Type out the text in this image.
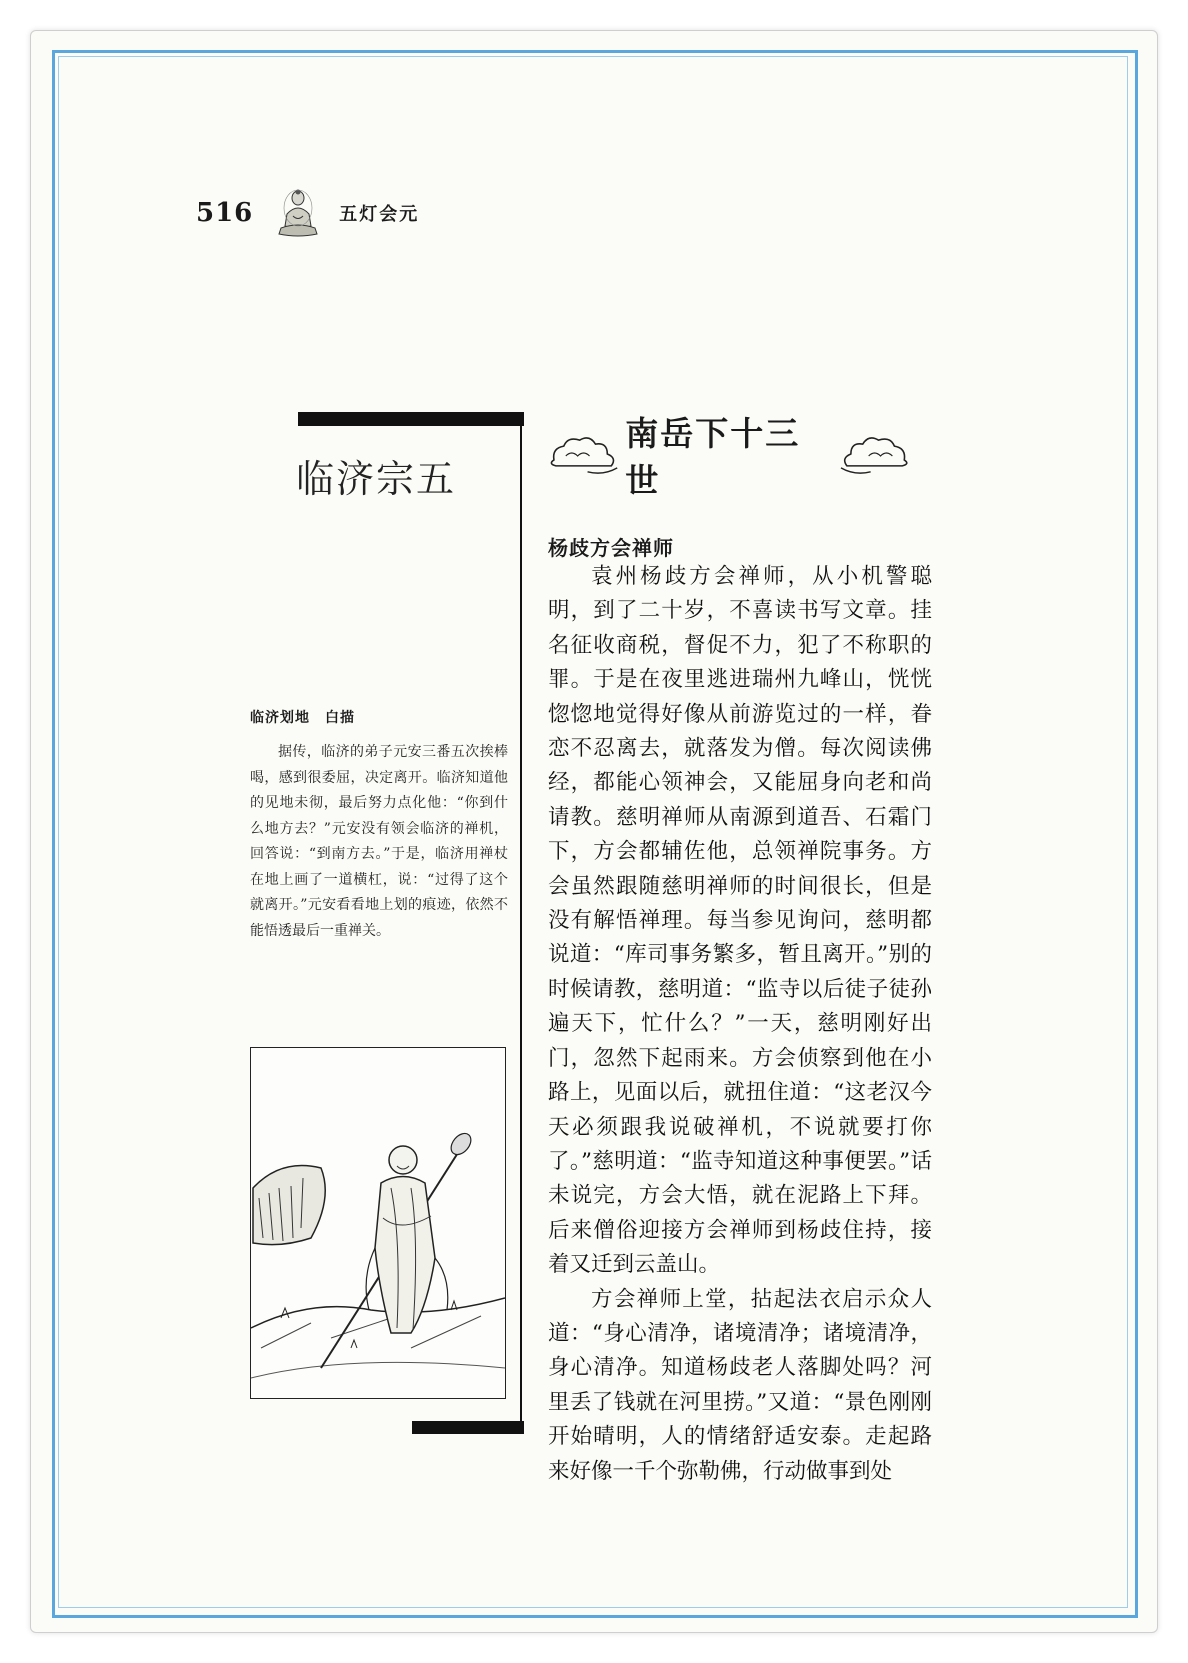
516	五灯会元
临济宗五
临济划地　白描

据传，临济的弟子元安三番五次挨棒喝，感到很委屈，决定离开。临济知道他的见地未彻，最后努力点化他：“你到什么地方去？”元安没有领会临济的禅机，回答说：“到南方去。”于是，临济用禅杖在地上画了一道横杠，说：“过得了这个就离开。”元安看看地上划的痕迹，依然不能悟透最后一重禅关。

南岳下十三世
杨歧方会禅师

袁州杨歧方会禅师，从小机警聪明，到了二十岁，不喜读书写文章。挂名征收商税，督促不力，犯了不称职的罪。于是在夜里逃进瑞州九峰山，恍恍惚惚地觉得好像从前游览过的一样，眷恋不忍离去，就落发为僧。每次阅读佛经，都能心领神会，又能屈身向老和尚请教。慈明禅师从南源到道吾、石霜门下，方会都辅佐他，总领禅院事务。方会虽然跟随慈明禅师的时间很长，但是没有解悟禅理。每当参见询问，慈明都说道：“库司事务繁多，暂且离开。”别的时候请教，慈明道：“监寺以后徒子徒孙遍天下，忙什么？”一天，慈明刚好出门，忽然下起雨来。方会侦察到他在小路上，见面以后，就扭住道：“这老汉今天必须跟我说破禅机，不说就要打你了。”慈明道：“监寺知道这种事便罢。”话未说完，方会大悟，就在泥路上下拜。后来僧俗迎接方会禅师到杨歧住持，接着又迁到云盖山。

方会禅师上堂，拈起法衣启示众人道：“身心清净，诸境清净；诸境清净，身心清净。知道杨歧老人落脚处吗？河里丢了钱就在河里捞。”又道：“景色刚刚开始晴明，人的情绪舒适安泰。走起路来好像一千个弥勒佛，行动做事到处
